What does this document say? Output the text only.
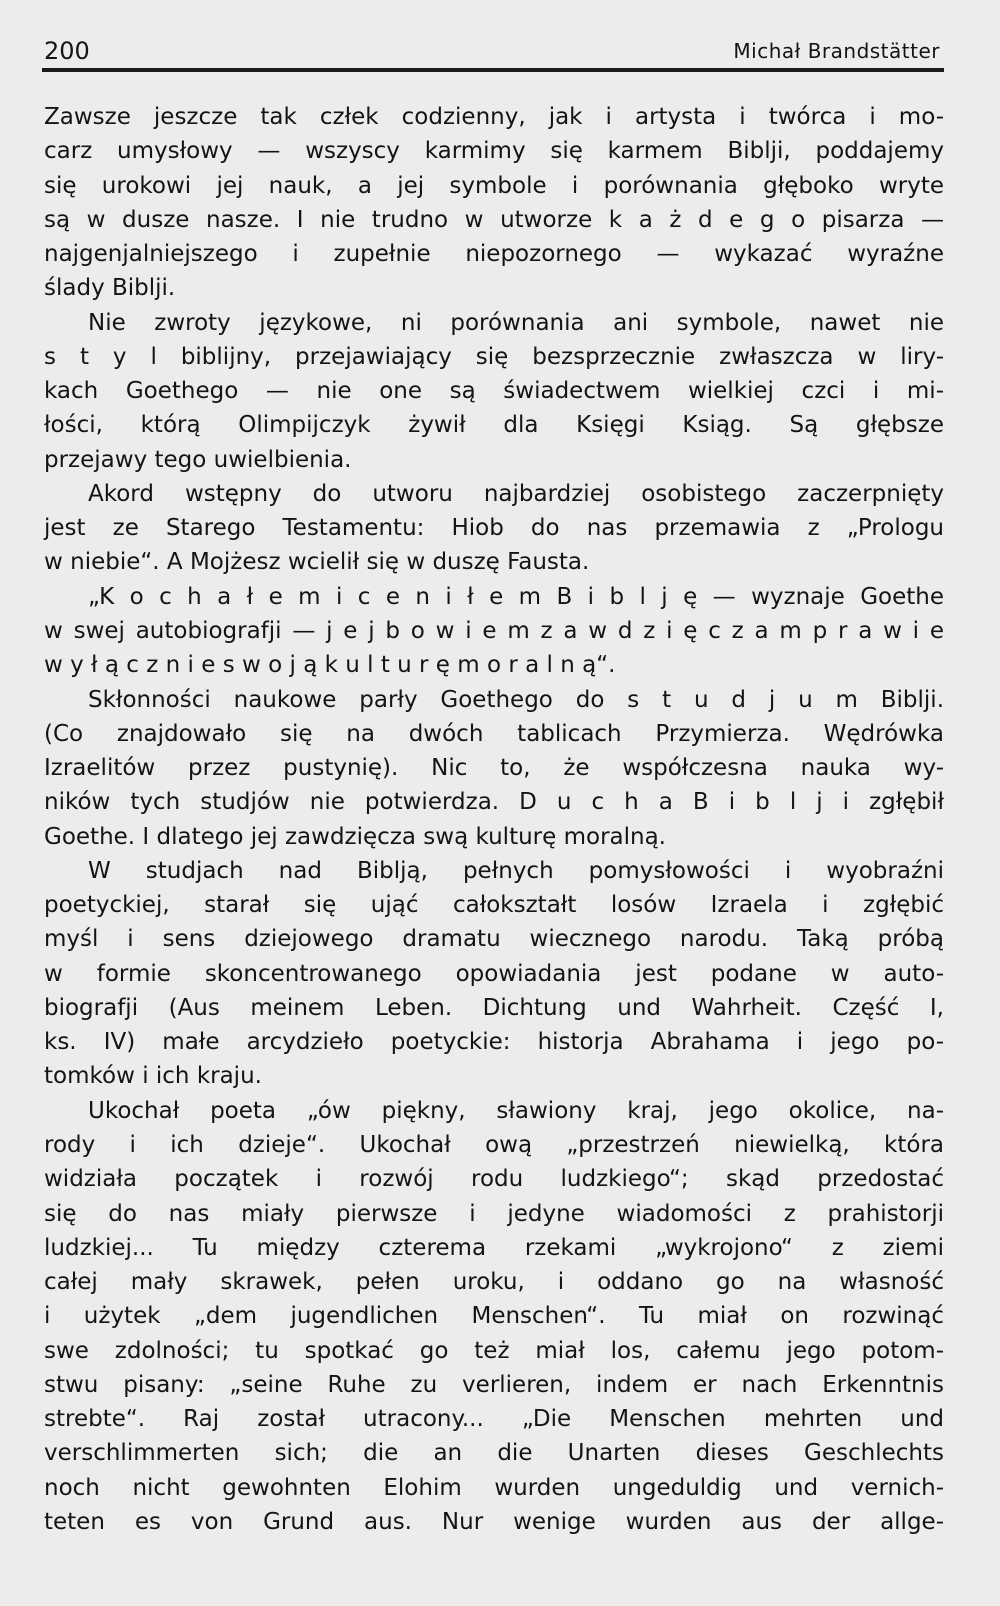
200	Michał Brandstätter
Zawsze jeszcze tak człek codzienny, jak i artysta i twórca i mo-
carz umysłowy — wszyscy karmimy się karmem Biblji, poddajemy
się urokowi jej nauk, a jej symbole i porównania głęboko wryte
są w dusze nasze. I nie trudno w utworze k a ż d e g o pisarza —
najgenjalniejszego i zupełnie niepozornego — wykazać wyraźne
ślady Biblji.
Nie zwroty językowe, ni porównania ani symbole, nawet nie
s t y l biblijny, przejawiający się bezsprzecznie zwłaszcza w liry-
kach Goethego — nie one są świadectwem wielkiej czci i mi-
łości, którą Olimpijczyk żywił dla Księgi Ksiąg. Są głębsze
przejawy tego uwielbienia.
Akord wstępny do utworu najbardziej osobistego zaczerpnięty
jest ze Starego Testamentu: Hiob do nas przemawia z „Prologu
w niebie“. A Mojżesz wcielił się w duszę Fausta.
„K o c h a ł e m i c e n i ł e m B i b l j ę — wyznaje Goethe
w swej autobiografji — j e j b o w i e m z a w d z i ę c z a m p r a w i e
w y ł ą c z n i e s w o j ą k u l t u r ę m o r a l n ą“.
Skłonności naukowe parły Goethego do s t u d j u m Biblji.
(Co znajdowało się na dwóch tablicach Przymierza. Wędrówka
Izraelitów przez pustynię). Nic to, że współczesna nauka wy-
ników tych studjów nie potwierdza. D u c h a B i b l j i zgłębił
Goethe. I dlatego jej zawdzięcza swą kulturę moralną.
W studjach nad Biblją, pełnych pomysłowości i wyobraźni
poetyckiej, starał się ująć całokształt losów Izraela i zgłębić
myśl i sens dziejowego dramatu wiecznego narodu. Taką próbą
w formie skoncentrowanego opowiadania jest podane w auto-
biografji (Aus meinem Leben. Dichtung und Wahrheit. Część I,
ks. IV) małe arcydzieło poetyckie: historja Abrahama i jego po-
tomków i ich kraju.
Ukochał poeta „ów piękny, sławiony kraj, jego okolice, na-
rody i ich dzieje“. Ukochał ową „przestrzeń niewielką, która
widziała początek i rozwój rodu ludzkiego“; skąd przedostać
się do nas miały pierwsze i jedyne wiadomości z prahistorji
ludzkiej... Tu między czterema rzekami „wykrojono“ z ziemi
całej mały skrawek, pełen uroku, i oddano go na własność
i użytek „dem jugendlichen Menschen“. Tu miał on rozwinąć
swe zdolności; tu spotkać go też miał los, całemu jego potom-
stwu pisany: „seine Ruhe zu verlieren, indem er nach Erkenntnis
strebte“. Raj został utracony... „Die Menschen mehrten und
verschlimmerten sich; die an die Unarten dieses Geschlechts
noch nicht gewohnten Elohim wurden ungeduldig und vernich-
teten es von Grund aus. Nur wenige wurden aus der allge-
